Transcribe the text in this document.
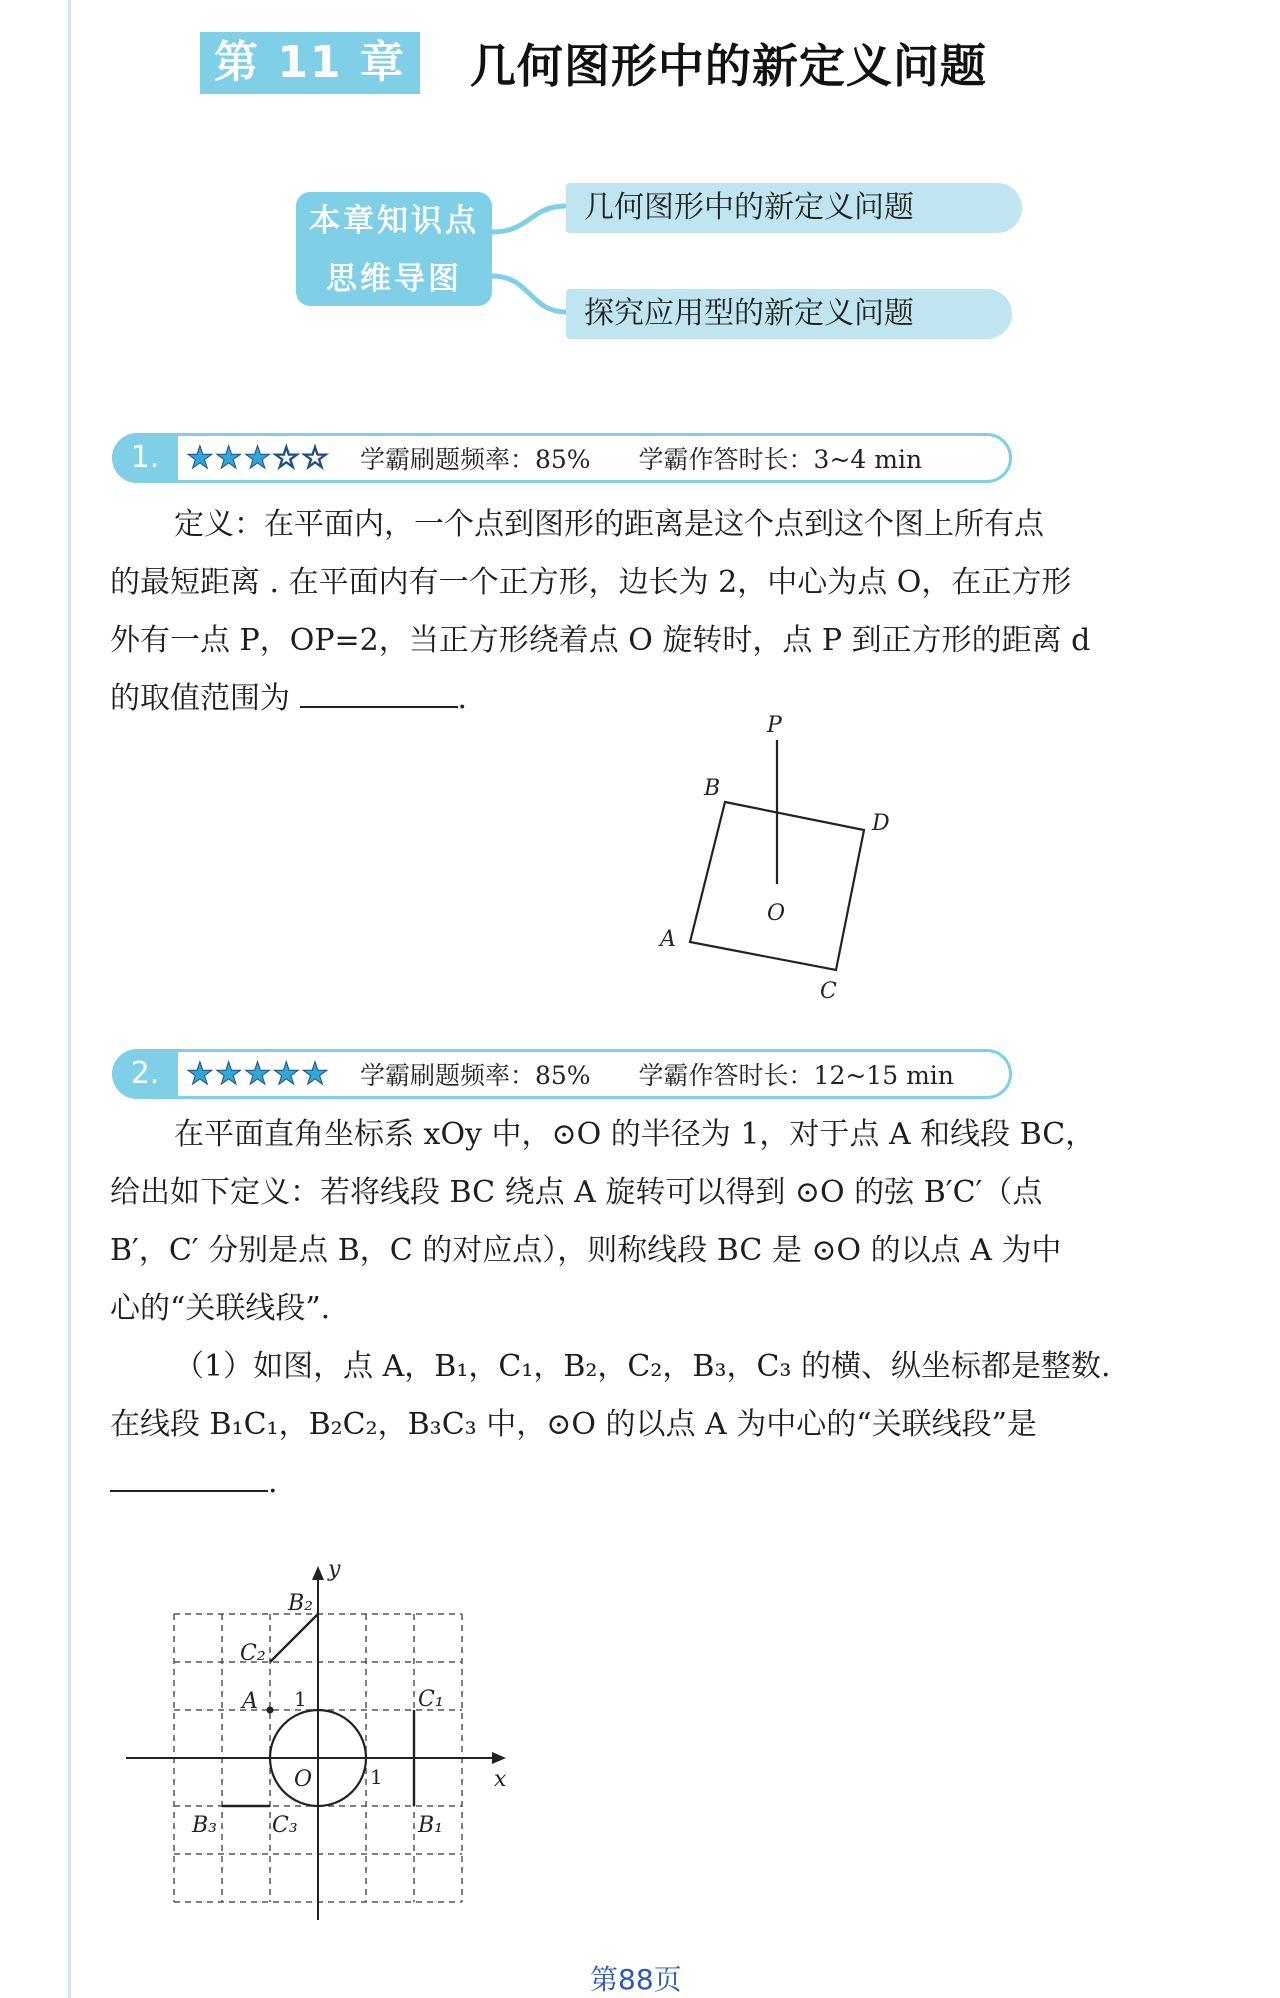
第 11 章	几何图形中的新定义问题
本章知识点
思维导图
几何图形中的新定义问题
探究应用型的新定义问题
1. ★★★☆☆ 学霸刷题频率：85% 学霸作答时长：3~4 min

定义：在平面内，一个点到图形的距离是这个点到这个图上所有点

的最短距离 . 在平面内有一个正方形，边长为 2，中心为点 O，在正方形

外有一点 P，OP=2，当正方形绕着点 O 旋转时，点 P 到正方形的距离 d

的取值范围为	.

P
B
D
O
A
C
2. ★★★★★ 学霸刷题频率：85% 学霸作答时长：12~15 min

在平面直角坐标系 xOy 中，⊙O 的半径为 1，对于点 A 和线段 BC，

给出如下定义：若将线段 BC 绕点 A 旋转可以得到 ⊙O 的弦 B′C′（点

B′，C′ 分别是点 B，C 的对应点），则称线段 BC 是 ⊙O 的以点 A 为中

心的“关联线段”.

（1）如图，点 A，B₁，C₁，B₂，C₂，B₃，C₃ 的横、纵坐标都是整数.

在线段 B₁C₁，B₂C₂，B₃C₃ 中，⊙O 的以点 A 为中心的“关联线段”是

.

y
x
O
1
1
A	C₁
B₁
B₂
C₂
B₃	C₃
第88页
